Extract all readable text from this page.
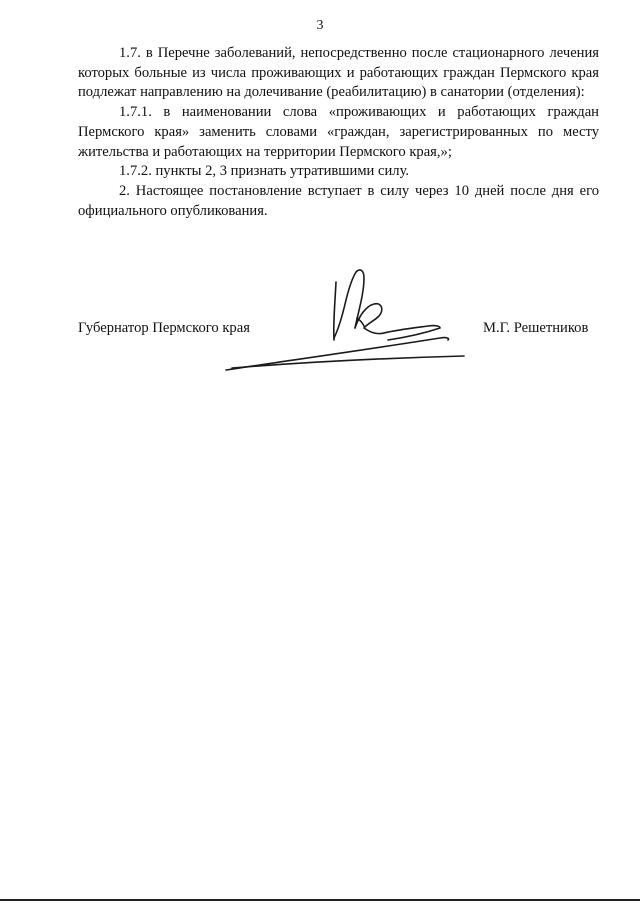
3

1.7. в Перечне заболеваний, непосредственно после стационарного лечения которых больные из числа проживающих и работающих граждан Пермского края подлежат направлению на долечивание (реабилитацию) в санатории (отделения):

1.7.1. в наименовании слова «проживающих и работающих граждан Пермского края» заменить словами «граждан, зарегистрированных по месту жительства и работающих на территории Пермского края,»;

1.7.2. пункты 2, 3 признать утратившими силу.

2. Настоящее постановление вступает в силу через 10 дней после дня его официального опубликования.

Губернатор Пермского края	М.Г. Решетников
